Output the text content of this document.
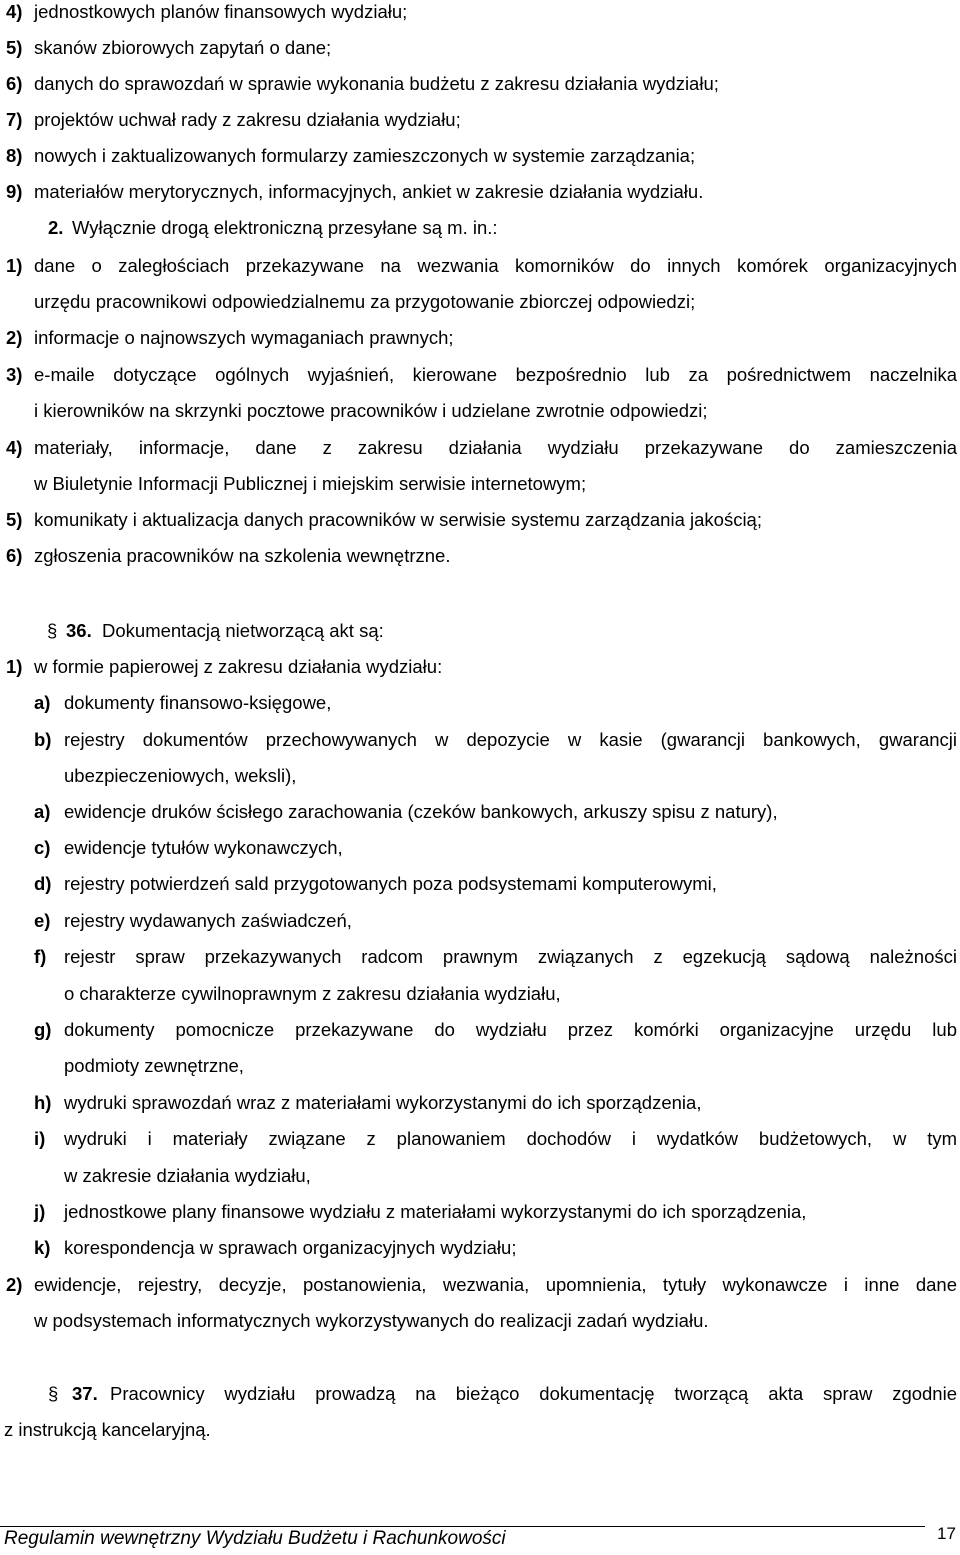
4) jednostkowych planów finansowych wydziału;
5) skanów zbiorowych zapytań o dane;
6) danych do sprawozdań w sprawie wykonania budżetu z zakresu działania wydziału;
7) projektów uchwał rady z zakresu działania wydziału;
8) nowych i zaktualizowanych formularzy zamieszczonych w systemie zarządzania;
9) materiałów merytorycznych, informacyjnych, ankiet w zakresie działania wydziału.
2. Wyłącznie drogą elektroniczną przesyłane są m. in.:
1) dane o zaległościach przekazywane na wezwania komorników do innych komórek organizacyjnych
urzędu pracownikowi odpowiedzialnemu za przygotowanie zbiorczej odpowiedzi;
2) informacje o najnowszych wymaganiach prawnych;
3) e-maile dotyczące ogólnych wyjaśnień, kierowane bezpośrednio lub za pośrednictwem naczelnika
i kierowników na skrzynki pocztowe pracowników i udzielane zwrotnie odpowiedzi;
4) materiały, informacje, dane z zakresu działania wydziału przekazywane do zamieszczenia
w Biuletynie Informacji Publicznej i miejskim serwisie internetowym;
5) komunikaty i aktualizacja danych pracowników w serwisie systemu zarządzania jakością;
6) zgłoszenia pracowników na szkolenia wewnętrzne.
§ 36. Dokumentacją nietworzącą akt są:
1) w formie papierowej z zakresu działania wydziału:
a) dokumenty finansowo-księgowe,
b) rejestry dokumentów przechowywanych w depozycie w kasie (gwarancji bankowych, gwarancji
ubezpieczeniowych, weksli),
a) ewidencje druków ścisłego zarachowania (czeków bankowych, arkuszy spisu z natury),
c) ewidencje tytułów wykonawczych,
d) rejestry potwierdzeń sald przygotowanych poza podsystemami komputerowymi,
e) rejestry wydawanych zaświadczeń,
f) rejestr spraw przekazywanych radcom prawnym związanych z egzekucją sądową należności
o charakterze cywilnoprawnym z zakresu działania wydziału,
g) dokumenty pomocnicze przekazywane do wydziału przez komórki organizacyjne urzędu lub
podmioty zewnętrzne,
h) wydruki sprawozdań wraz z materiałami wykorzystanymi do ich sporządzenia,
i) wydruki i materiały związane z planowaniem dochodów i wydatków budżetowych, w tym
w zakresie działania wydziału,
j) jednostkowe plany finansowe wydziału z materiałami wykorzystanymi do ich sporządzenia,
k) korespondencja w sprawach organizacyjnych wydziału;
2) ewidencje, rejestry, decyzje, postanowienia, wezwania, upomnienia, tytuły wykonawcze i inne dane
w podsystemach informatycznych wykorzystywanych do realizacji zadań wydziału.
§ 37. Pracownicy wydziału prowadzą na bieżąco dokumentację tworzącą akta spraw zgodnie
z instrukcją kancelaryjną.
Regulamin wewnętrzny Wydziału Budżetu i Rachunkowości	17
